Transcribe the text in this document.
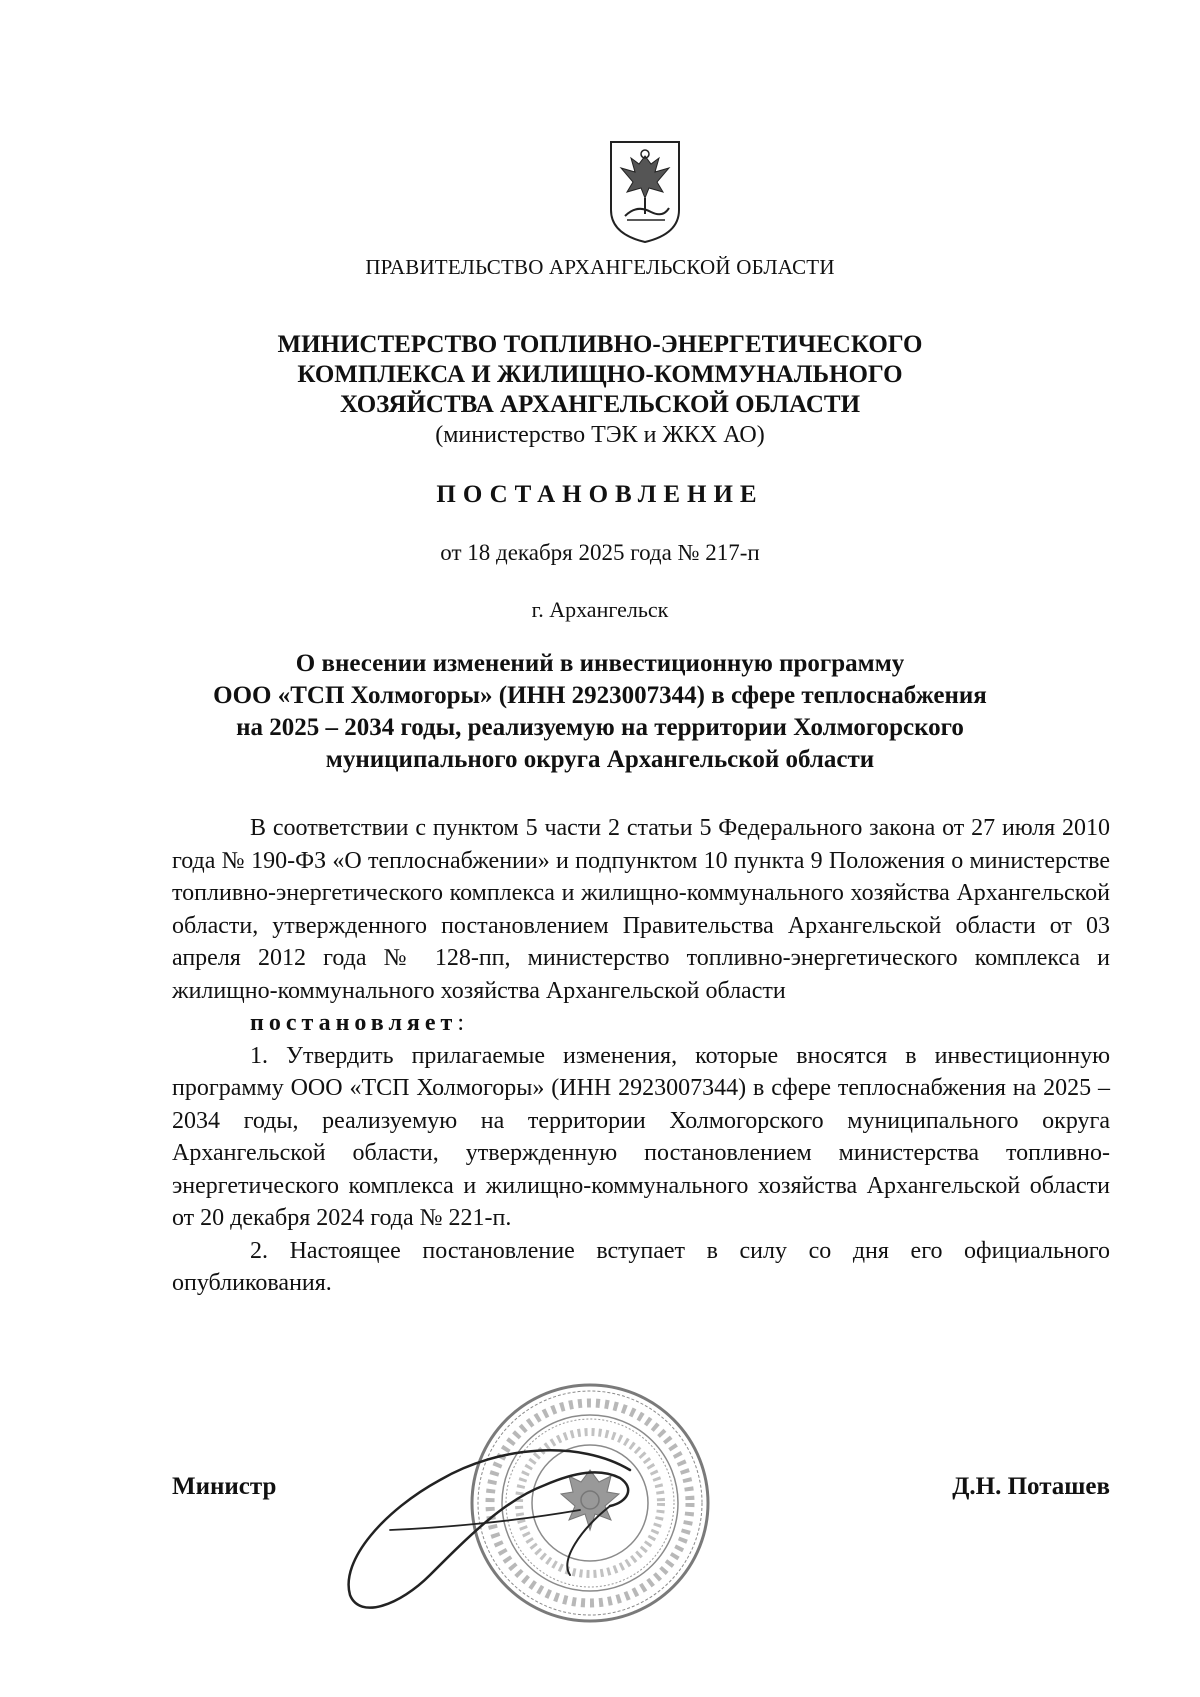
ПРАВИТЕЛЬСТВО АРХАНГЕЛЬСКОЙ ОБЛАСТИ
МИНИСТЕРСТВО ТОПЛИВНО-ЭНЕРГЕТИЧЕСКОГО
КОМПЛЕКСА И ЖИЛИЩНО-КОММУНАЛЬНОГО
ХОЗЯЙСТВА АРХАНГЕЛЬСКОЙ ОБЛАСТИ
(министерство ТЭК и ЖКХ АО)
ПОСТАНОВЛЕНИЕ
от 18 декабря 2025 года № 217-п
г. Архангельск
О внесении изменений в инвестиционную программу
ООО «ТСП Холмогоры» (ИНН 2923007344) в сфере теплоснабжения
на 2025 – 2034 годы, реализуемую на территории Холмогорского
муниципального округа Архангельской области

В соответствии с пунктом 5 части 2 статьи 5 Федерального закона от 27 июля 2010 года № 190-ФЗ «О теплоснабжении» и подпунктом 10 пункта 9 Положения о министерстве топливно-энергетического комплекса и жилищно-коммунального хозяйства Архангельской области, утвержденного постановлением Правительства Архангельской области от 03 апреля 2012 года № 128-пп, министерство топливно-энергетического комплекса и жилищно-коммунального хозяйства Архангельской области

постановляет:

1. Утвердить прилагаемые изменения, которые вносятся в инвестиционную программу ООО «ТСП Холмогоры» (ИНН 2923007344) в сфере теплоснабжения на 2025 – 2034 годы, реализуемую на территории Холмогорского муниципального округа Архангельской области, утвержденную постановлением министерства топливно-энергетического комплекса и жилищно-коммунального хозяйства Архангельской области от 20 декабря 2024 года № 221-п.

2. Настоящее постановление вступает в силу со дня его официального опубликования.

Министр	Д.Н. Поташев
